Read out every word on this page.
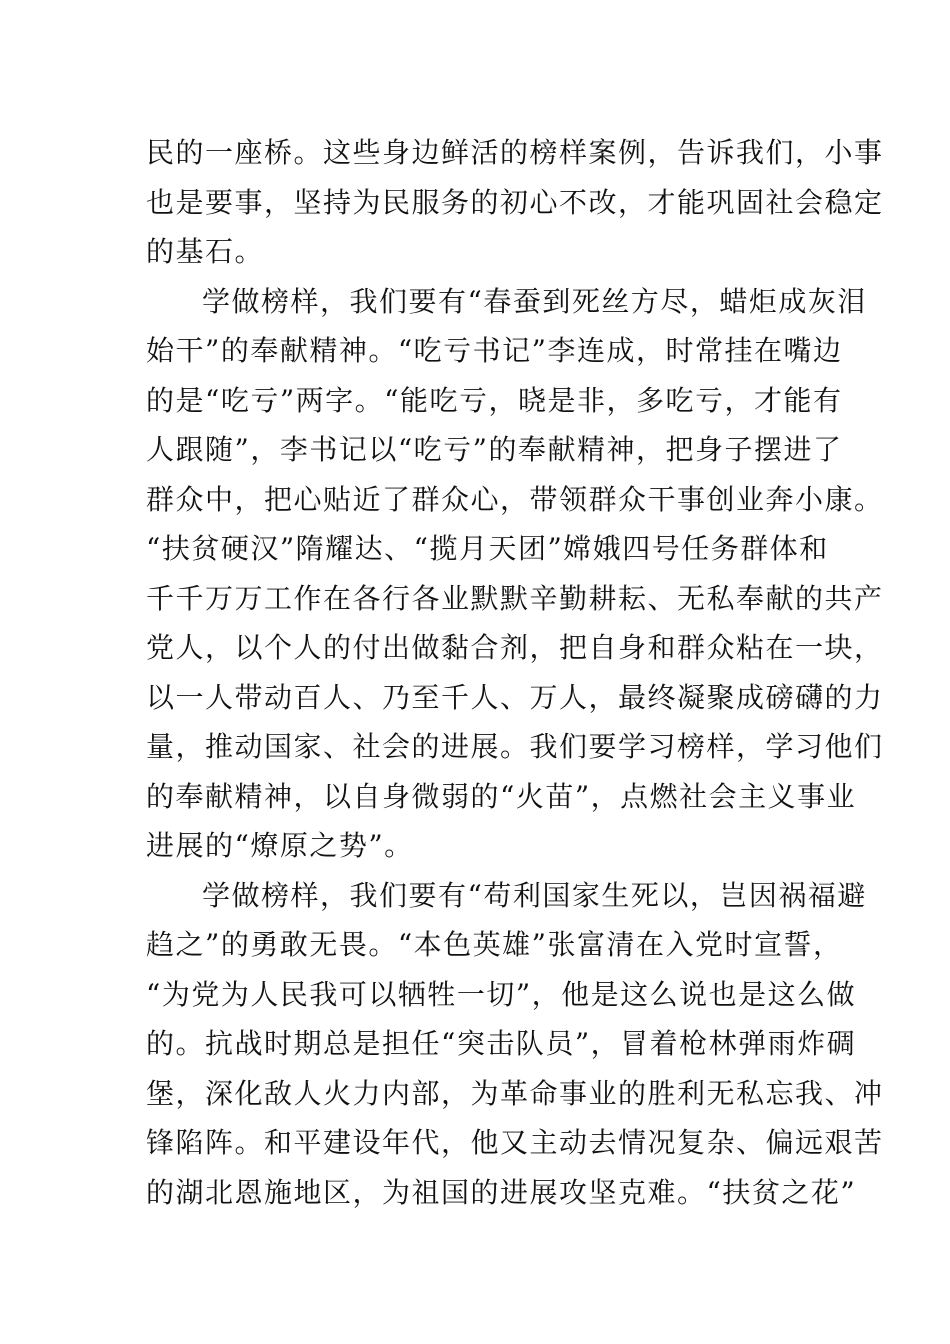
民的一座桥。这些身边鲜活的榜样案例，告诉我们，小事
也是要事，坚持为民服务的初心不改，才能巩固社会稳定
的基石。
学做榜样，我们要有“春蚕到死丝方尽，蜡炬成灰泪
始干”的奉献精神。“吃亏书记”李连成，时常挂在嘴边
的是“吃亏”两字。“能吃亏，晓是非，多吃亏，才能有
人跟随”，李书记以“吃亏”的奉献精神，把身子摆进了
群众中，把心贴近了群众心，带领群众干事创业奔小康。
“扶贫硬汉”隋耀达、“揽月天团”嫦娥四号任务群体和
千千万万工作在各行各业默默辛勤耕耘、无私奉献的共产
党人，以个人的付出做黏合剂，把自身和群众粘在一块，
以一人带动百人、乃至千人、万人，最终凝聚成磅礴的力
量，推动国家、社会的进展。我们要学习榜样，学习他们
的奉献精神，以自身微弱的“火苗”，点燃社会主义事业
进展的“燎原之势”。
学做榜样，我们要有“苟利国家生死以，岂因祸福避
趋之”的勇敢无畏。“本色英雄”张富清在入党时宣誓，
“为党为人民我可以牺牲一切”，他是这么说也是这么做
的。抗战时期总是担任“突击队员”，冒着枪林弹雨炸碉
堡，深化敌人火力内部，为革命事业的胜利无私忘我、冲
锋陷阵。和平建设年代，他又主动去情况复杂、偏远艰苦
的湖北恩施地区，为祖国的进展攻坚克难。“扶贫之花”
